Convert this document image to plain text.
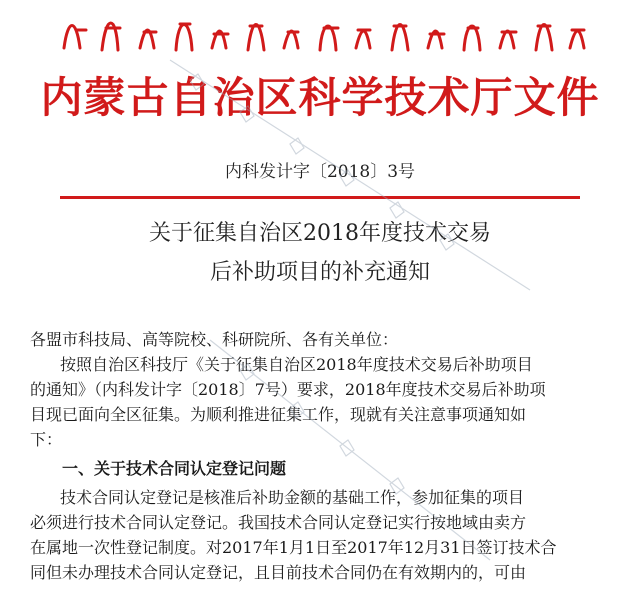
内蒙古自治区科学技术厅文件
内科发计字〔2018〕3号
关于征集自治区2018年度技术交易
后补助项目的补充通知
各盟市科技局、高等院校、科研院所、各有关单位：
按照自治区科技厅《关于征集自治区2018年度技术交易后补助项目
的通知》（内科发计字〔2018〕7号）要求，2018年度技术交易后补助项
目现已面向全区征集。为顺利推进征集工作，现就有关注意事项通知如
下：
一、关于技术合同认定登记问题
技术合同认定登记是核准后补助金额的基础工作，参加征集的项目
必须进行技术合同认定登记。我国技术合同认定登记实行按地域由卖方
在属地一次性登记制度。对2017年1月1日至2017年12月31日签订技术合
同但未办理技术合同认定登记，且目前技术合同仍在有效期内的，可由
